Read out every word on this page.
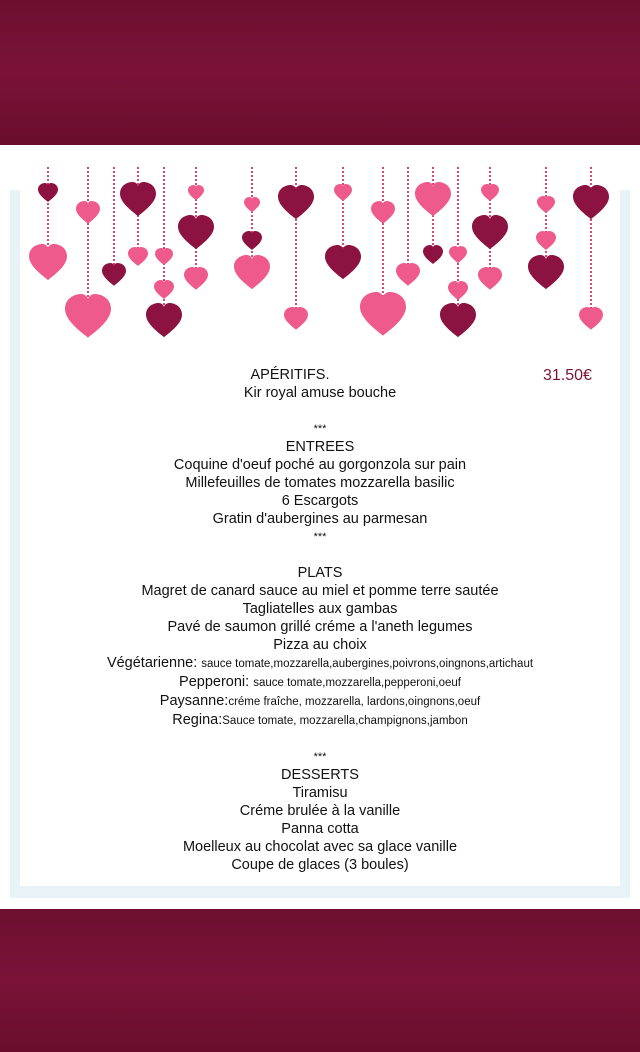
31.50€
APÉRITIFS.
Kir royal amuse bouche
***
ENTREES
Coquine d'oeuf poché au gorgonzola sur pain
Millefeuilles de tomates mozzarella basilic
6 Escargots
Gratin d'aubergines au parmesan
***
PLATS
Magret de canard sauce au miel et pomme terre sautée
Tagliatelles aux gambas
Pavé de saumon grillé créme a l'aneth legumes
Pizza au choix
Végétarienne: sauce tomate,mozzarella,aubergines,poivrons,oingnons,artichaut
Pepperoni: sauce tomate,mozzarella,pepperoni,oeuf
Paysanne:créme fraîche, mozzarella, lardons,oingnons,oeuf
Regina:Sauce tomate, mozzarella,champignons,jambon
***
DESSERTS
Tiramisu
Créme brulée à la vanille
Panna cotta
Moelleux au chocolat avec sa glace vanille
Coupe de glaces (3 boules)
